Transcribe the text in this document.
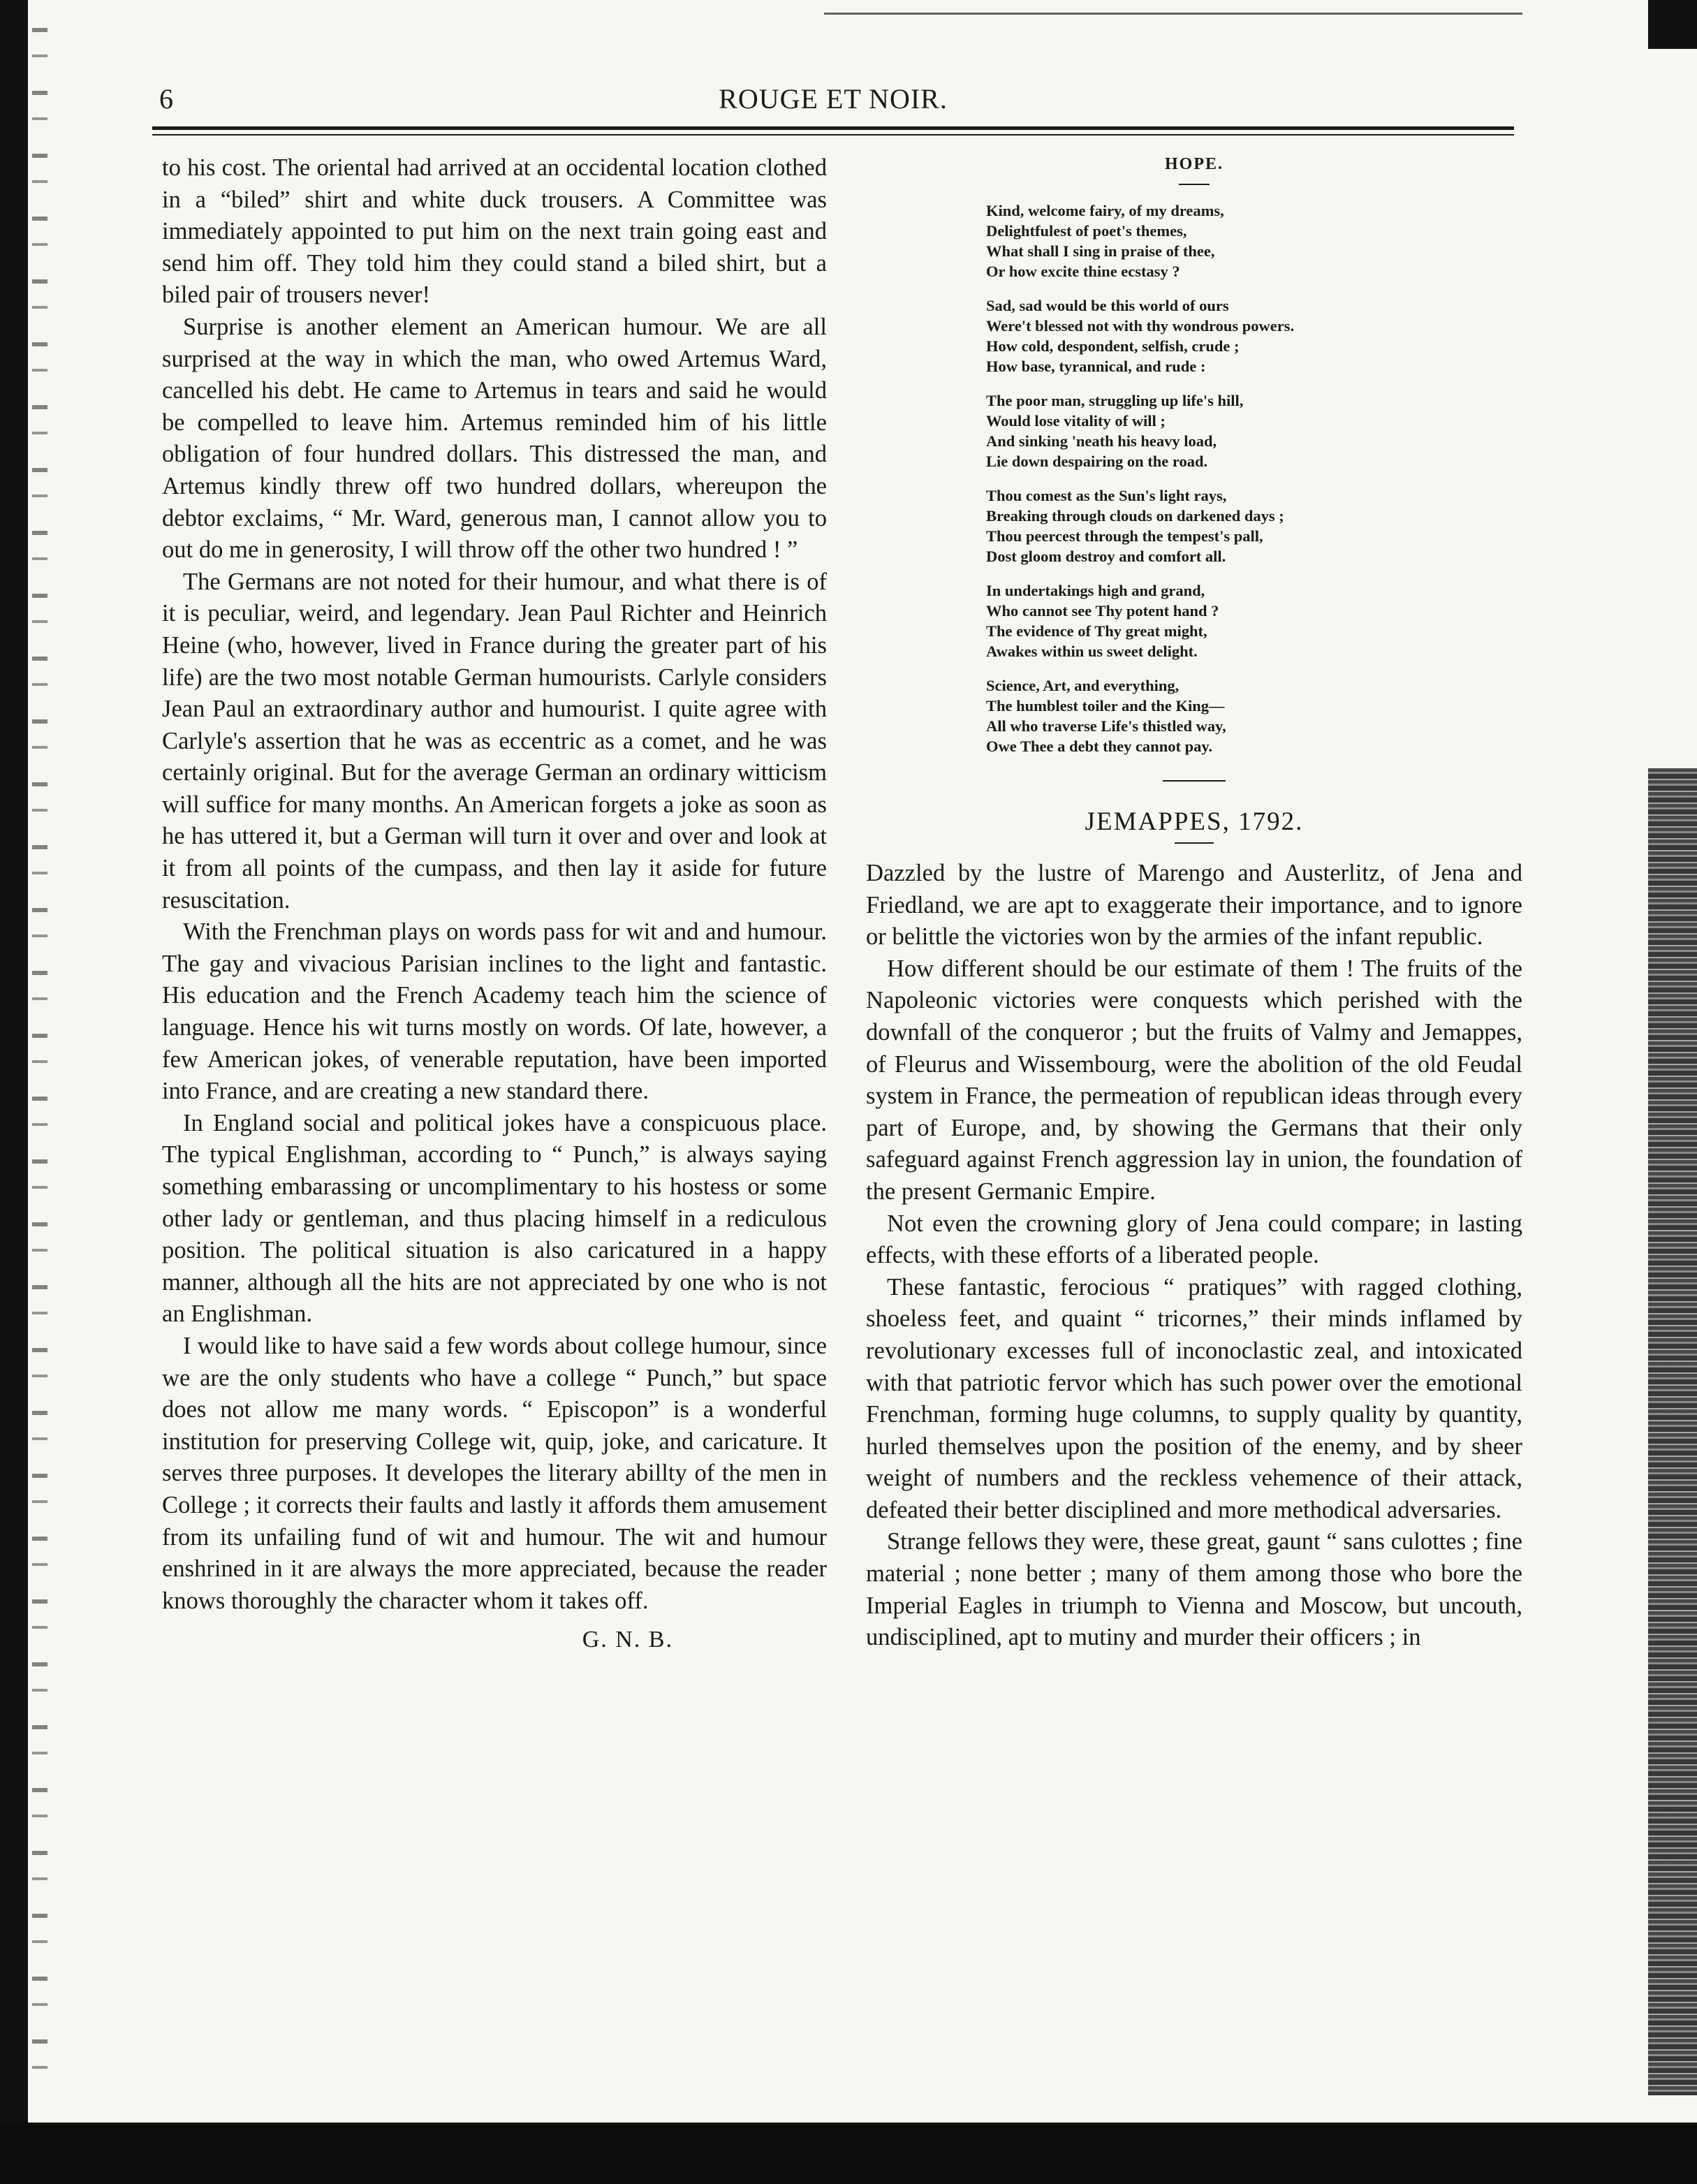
6	ROUGE ET NOIR.

to his cost. The oriental had arrived at an occidental location clothed in a “biled” shirt and white duck trousers. A Committee was immediately appointed to put him on the next train going east and send him off. They told him they could stand a biled shirt, but a biled pair of trousers never!

Surprise is another element an American humour. We are all surprised at the way in which the man, who owed Artemus Ward, cancelled his debt. He came to Artemus in tears and said he would be compelled to leave him. Artemus reminded him of his little obligation of four hundred dollars. This distressed the man, and Artemus kindly threw off two hundred dollars, whereupon the debtor exclaims, “ Mr. Ward, generous man, I cannot allow you to out do me in generosity, I will throw off the other two hundred ! ”

The Germans are not noted for their humour, and what there is of it is peculiar, weird, and legendary. Jean Paul Richter and Heinrich Heine (who, however, lived in France during the greater part of his life) are the two most notable German humourists. Carlyle considers Jean Paul an extraordinary author and humourist. I quite agree with Carlyle's assertion that he was as eccentric as a comet, and he was certainly original. But for the average German an ordinary witticism will suffice for many months. An American forgets a joke as soon as he has uttered it, but a German will turn it over and over and look at it from all points of the cumpass, and then lay it aside for future resuscitation.

With the Frenchman plays on words pass for wit and and humour. The gay and vivacious Parisian inclines to the light and fantastic. His education and the French Academy teach him the science of language. Hence his wit turns mostly on words. Of late, however, a few American jokes, of venerable reputation, have been imported into France, and are creating a new standard there.

In England social and political jokes have a conspicuous place. The typical Englishman, according to “ Punch,” is always saying something embarassing or uncomplimentary to his hostess or some other lady or gentleman, and thus placing himself in a rediculous position. The political situation is also caricatured in a happy manner, although all the hits are not appreciated by one who is not an Englishman.

I would like to have said a few words about college humour, since we are the only students who have a college “ Punch,” but space does not allow me many words. “ Episcopon” is a wonderful institution for preserving College wit, quip, joke, and caricature. It serves three purposes. It developes the literary abillty of the men in College ; it corrects their faults and lastly it affords them amusement from its unfailing fund of wit and humour. The wit and humour enshrined in it are always the more appreciated, because the reader knows thoroughly the character whom it takes off.

G. N. B.
HOPE.
Kind, welcome fairy, of my dreams,
Delightfulest of poet's themes,
What shall I sing in praise of thee,
Or how excite thine ecstasy ?
Sad, sad would be this world of ours
Were't blessed not with thy wondrous powers.
How cold, despondent, selfish, crude ;
How base, tyrannical, and rude :
The poor man, struggling up life's hill,
Would lose vitality of will ;
And sinking 'neath his heavy load,
Lie down despairing on the road.
Thou comest as the Sun's light rays,
Breaking through clouds on darkened days ;
Thou peercest through the tempest's pall,
Dost gloom destroy and comfort all.
In undertakings high and grand,
Who cannot see Thy potent hand ?
The evidence of Thy great might,
Awakes within us sweet delight.
Science, Art, and everything,
The humblest toiler and the King—
All who traverse Life's thistled way,
Owe Thee a debt they cannot pay.
JEMAPPES, 1792.

Dazzled by the lustre of Marengo and Austerlitz, of Jena and Friedland, we are apt to exaggerate their importance, and to ignore or belittle the victories won by the armies of the infant republic.

How different should be our estimate of them ! The fruits of the Napoleonic victories were conquests which perished with the downfall of the conqueror ; but the fruits of Valmy and Jemappes, of Fleurus and Wissembourg, were the abolition of the old Feudal system in France, the permeation of republican ideas through every part of Europe, and, by showing the Germans that their only safeguard against French aggression lay in union, the foundation of the present Germanic Empire.

Not even the crowning glory of Jena could compare; in lasting effects, with these efforts of a liberated people.

These fantastic, ferocious “ pratiques” with ragged clothing, shoeless feet, and quaint “ tricornes,” their minds inflamed by revolutionary excesses full of inconoclastic zeal, and intoxicated with that patriotic fervor which has such power over the emotional Frenchman, forming huge columns, to supply quality by quantity, hurled themselves upon the position of the enemy, and by sheer weight of numbers and the reckless vehemence of their attack, defeated their better disciplined and more methodical adversaries.

Strange fellows they were, these great, gaunt “ sans culottes ; fine material ; none better ; many of them among those who bore the Imperial Eagles in triumph to Vienna and Moscow, but uncouth, undisciplined, apt to mutiny and murder their officers ; in
